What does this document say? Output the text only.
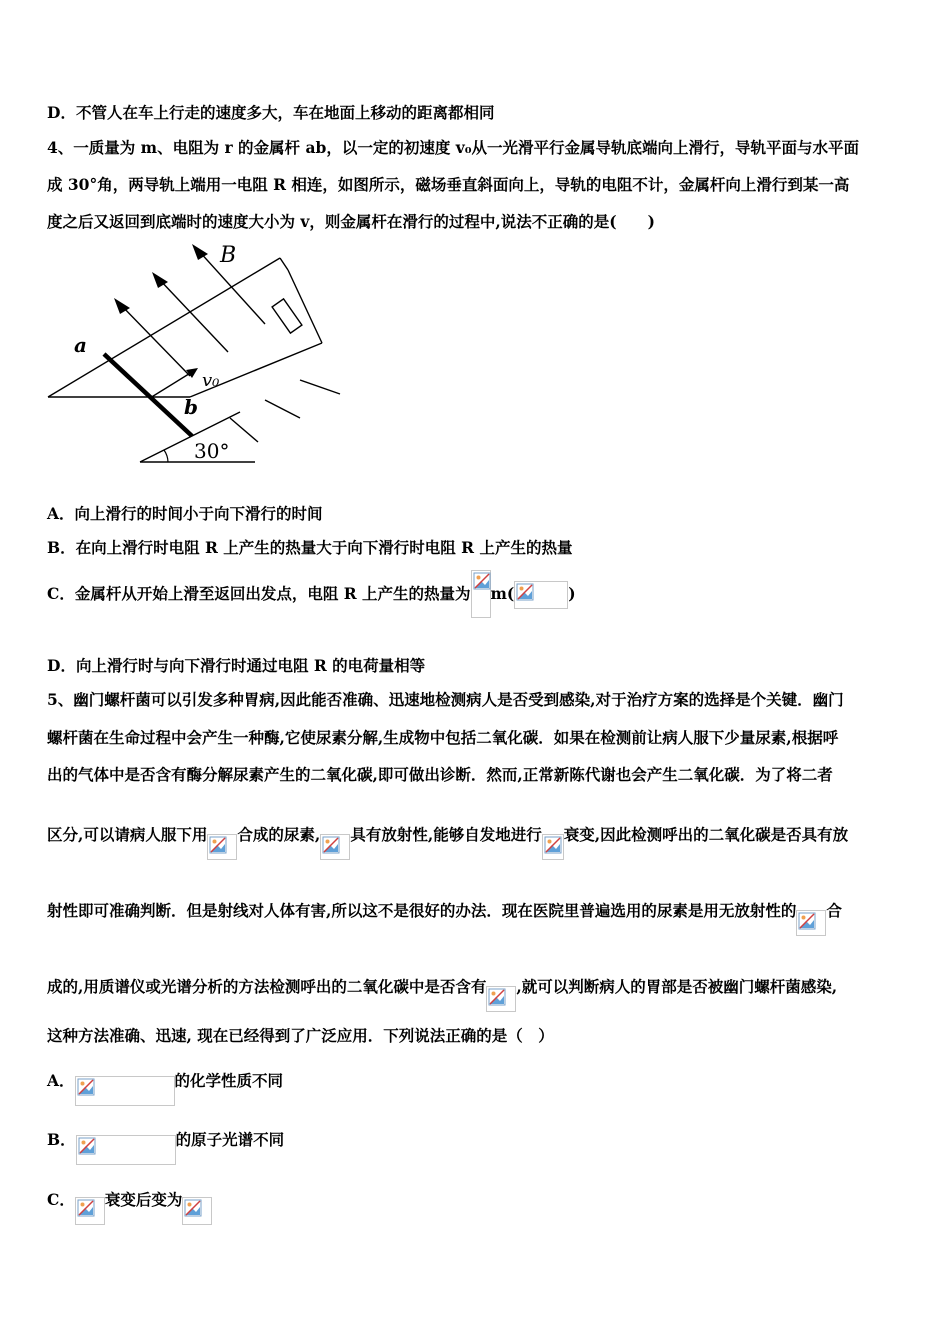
D．不管人在车上行走的速度多大，车在地面上移动的距离都相同
4、一质量为 m、电阻为 r 的金属杆 ab，以一定的初速度 v₀从一光滑平行金属导轨底端向上滑行，导轨平面与水平面
成 30°角，两导轨上端用一电阻 R 相连，如图所示，磁场垂直斜面向上，导轨的电阻不计，金属杆向上滑行到某一高
度之后又返回到底端时的速度大小为 v，则金属杆在滑行的过程中,说法不正确的是(　　)
B
a
b
v₀
30°
A．向上滑行的时间小于向下滑行的时间
B．在向上滑行时电阻 R 上产生的热量大于向下滑行时电阻 R 上产生的热量
C．金属杆从开始上滑至返回出发点，电阻 R 上产生的热量为 m(	)
D．向上滑行时与向下滑行时通过电阻 R 的电荷量相等
5、幽门螺杆菌可以引发多种胃病,因此能否准确、迅速地检测病人是否受到感染,对于治疗方案的选择是个关键．幽门
螺杆菌在生命过程中会产生一种酶,它使尿素分解,生成物中包括二氧化碳．如果在检测前让病人服下少量尿素,根据呼
出的气体中是否含有酶分解尿素产生的二氧化碳,即可做出诊断．然而,正常新陈代谢也会产生二氧化碳．为了将二者
区分,可以请病人服下用 合成的尿素, 具有放射性,能够自发地进行 衰变,因此检测呼出的二氧化碳是否具有放
射性即可准确判断．但是射线对人体有害,所以这不是很好的办法．现在医院里普遍选用的尿素是用无放射性的 合
成的,用质谱仪或光谱分析的方法检测呼出的二氧化碳中是否含有 ,就可以判断病人的胃部是否被幽门螺杆菌感染,
这种方法准确、迅速, 现在已经得到了广泛应用．下列说法正确的是（　）
A．	的化学性质不同
B．	的原子光谱不同
C． 衰变后变为
